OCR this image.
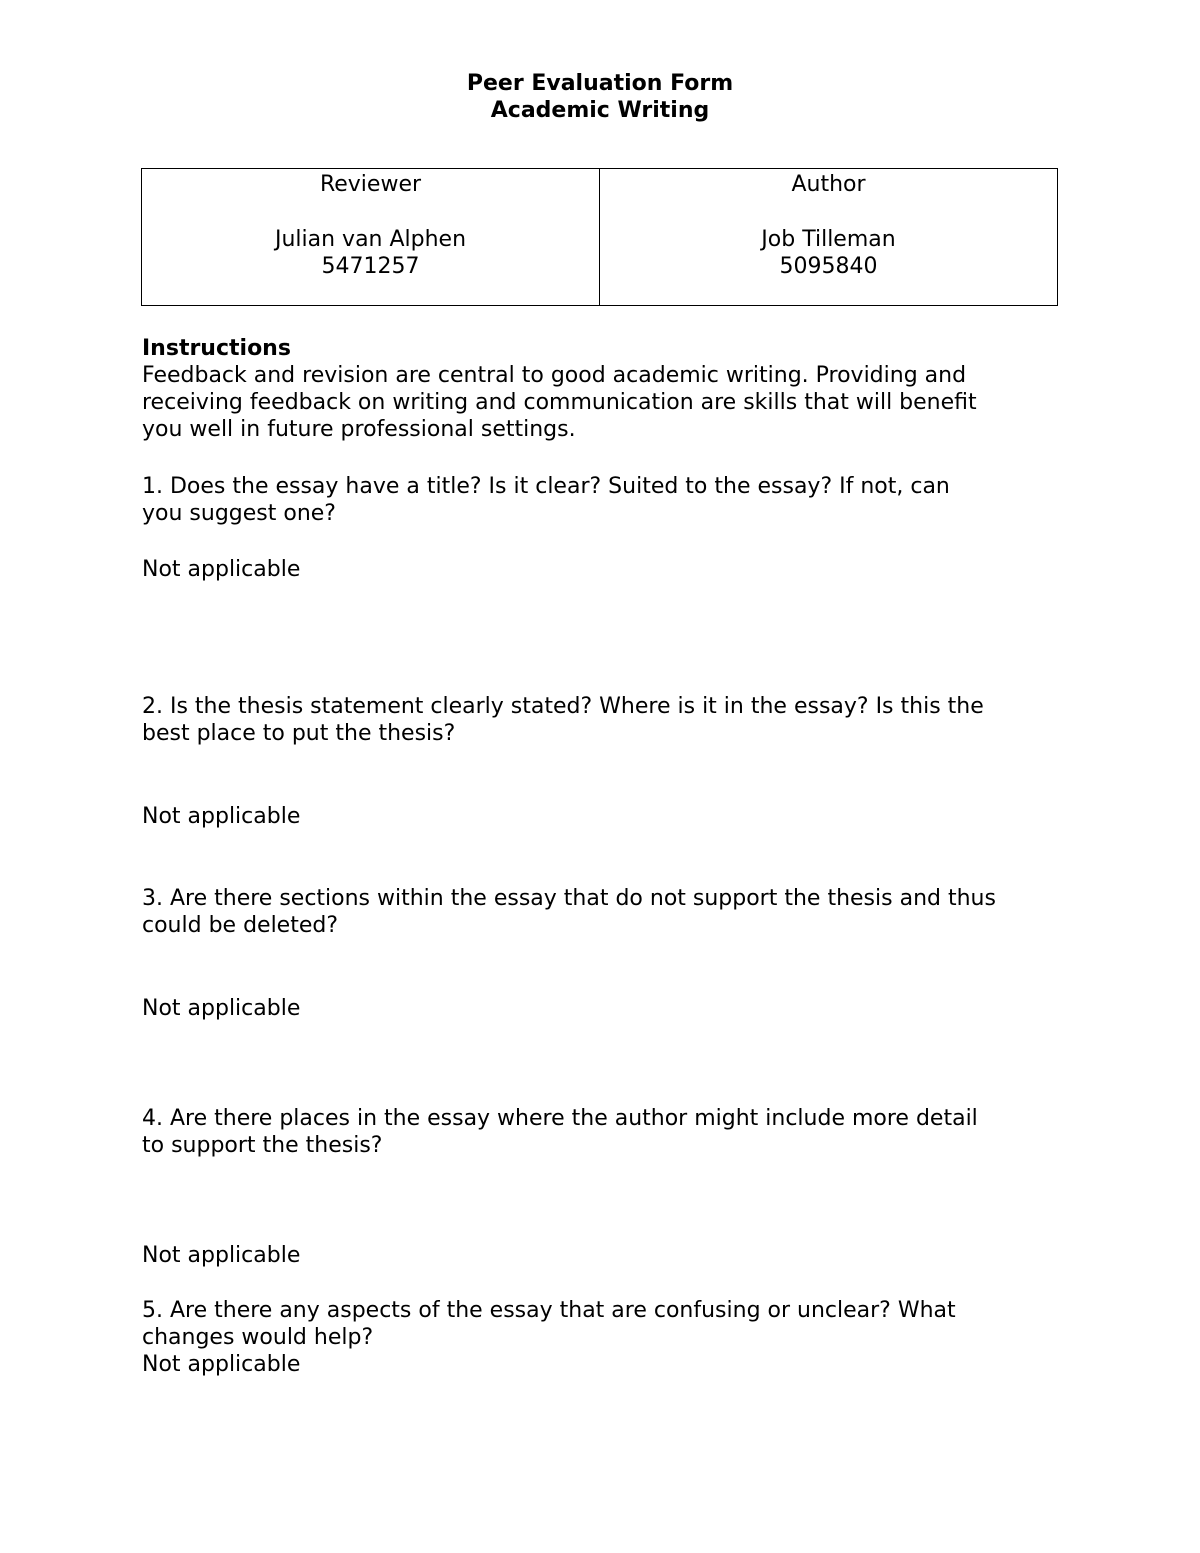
Peer Evaluation Form
Academic Writing
Reviewer
Julian van Alphen
5471257

Author
Job Tilleman
5095840
Instructions
Feedback and revision are central to good academic writing. Providing and
receiving feedback on writing and communication are skills that will benefit
you well in future professional settings.
1. Does the essay have a title? Is it clear? Suited to the essay? If not, can
you suggest one?
Not applicable
2. Is the thesis statement clearly stated? Where is it in the essay? Is this the
best place to put the thesis?
Not applicable
3. Are there sections within the essay that do not support the thesis and thus
could be deleted?
Not applicable
4. Are there places in the essay where the author might include more detail
to support the thesis?
Not applicable
5. Are there any aspects of the essay that are confusing or unclear? What
changes would help?
Not applicable
